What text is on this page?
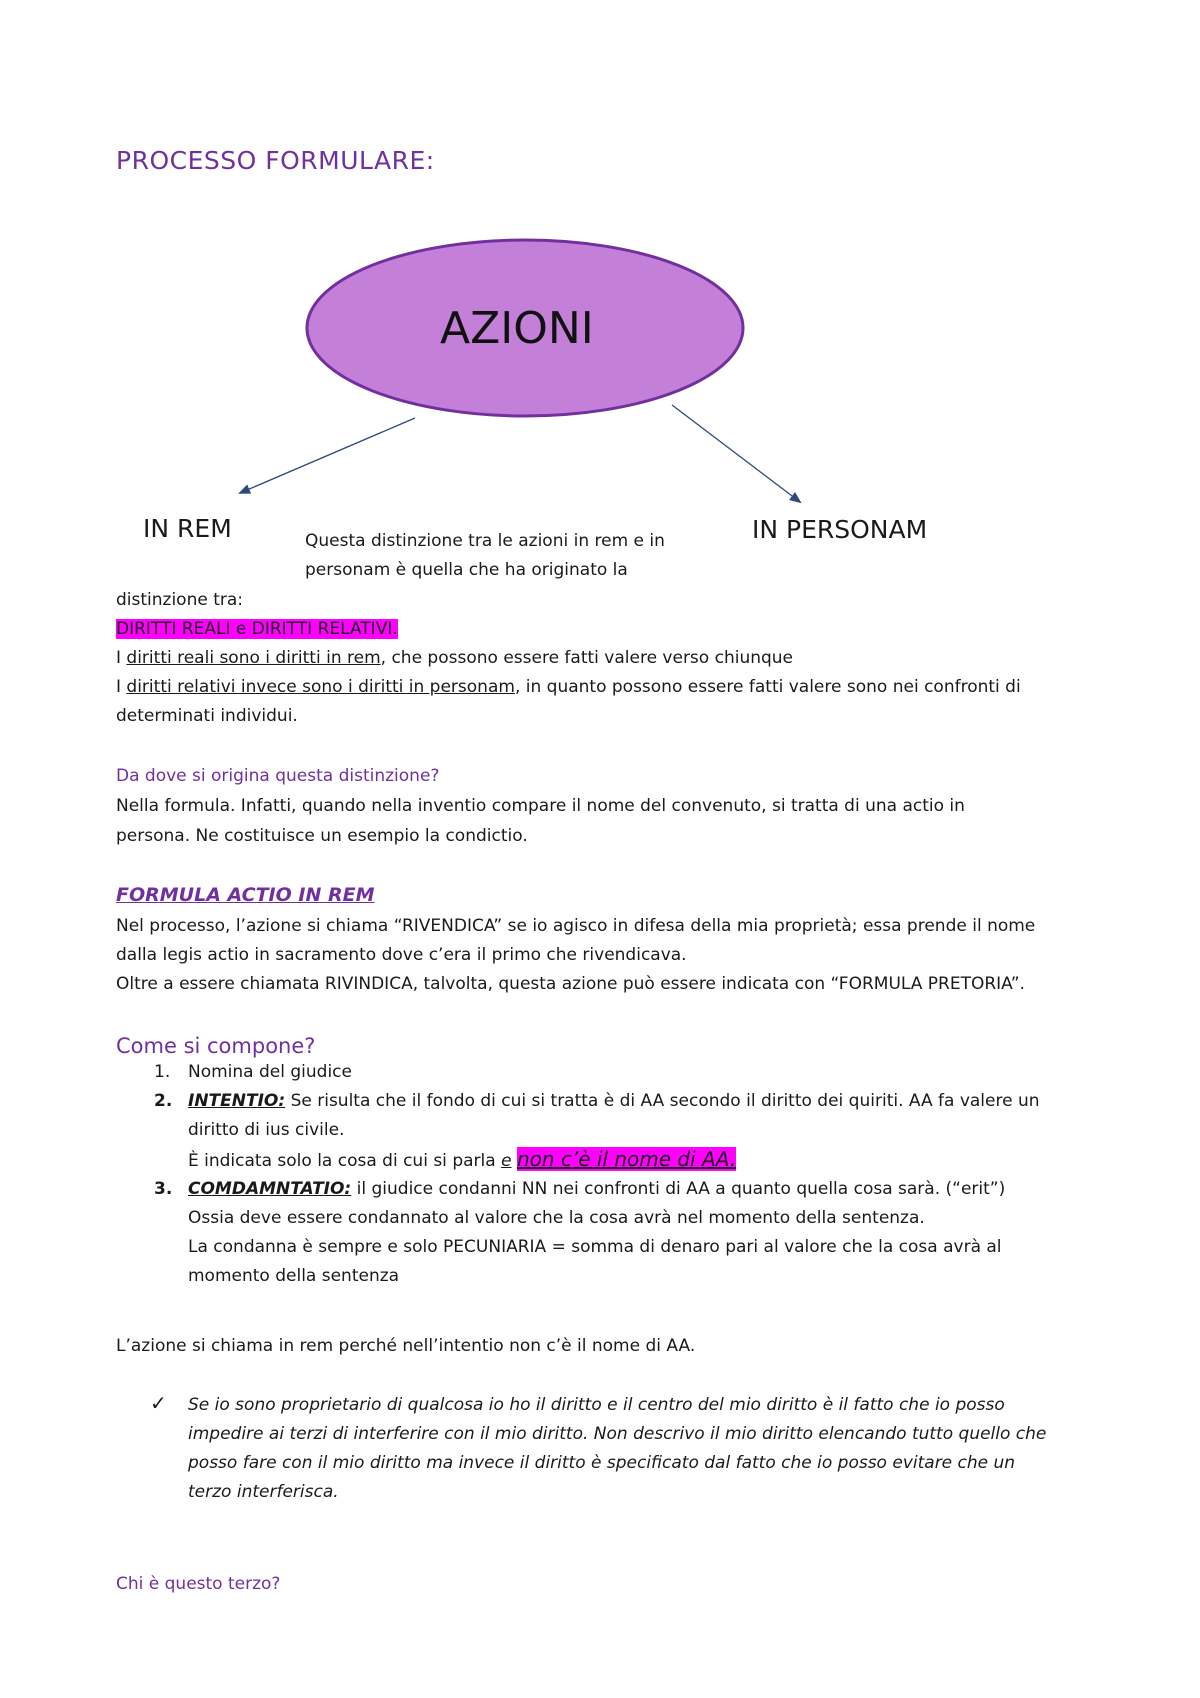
PROCESSO FORMULARE:
AZIONI
IN REM	IN PERSONAM
Questa distinzione tra le azioni in rem e in
personam è quella che ha originato la
distinzione tra:
DIRITTI REALI e DIRITTI RELATIVI.
I diritti reali sono i diritti in rem, che possono essere fatti valere verso chiunque
I diritti relativi invece sono i diritti in personam, in quanto possono essere fatti valere sono nei confronti di
determinati individui.
Da dove si origina questa distinzione?
Nella formula. Infatti, quando nella inventio compare il nome del convenuto, si tratta di una actio in
persona. Ne costituisce un esempio la condictio.
FORMULA ACTIO IN REM
Nel processo, l’azione si chiama “RIVENDICA” se io agisco in difesa della mia proprietà; essa prende il nome
dalla legis actio in sacramento dove c’era il primo che rivendicava.
Oltre a essere chiamata RIVINDICA, talvolta, questa azione può essere indicata con “FORMULA PRETORIA”.
Come si compone?
1. Nomina del giudice
2. INTENTIO: Se risulta che il fondo di cui si tratta è di AA secondo il diritto dei quiriti. AA fa valere un
diritto di ius civile.
È indicata solo la cosa di cui si parla e non c’è il nome di AA.
3. COMDAMNTATIO: il giudice condanni NN nei confronti di AA a quanto quella cosa sarà. (“erit”)
Ossia deve essere condannato al valore che la cosa avrà nel momento della sentenza.
La condanna è sempre e solo PECUNIARIA = somma di denaro pari al valore che la cosa avrà al
momento della sentenza
L’azione si chiama in rem perché nell’intentio non c’è il nome di AA.
✓ Se io sono proprietario di qualcosa io ho il diritto e il centro del mio diritto è il fatto che io posso
impedire ai terzi di interferire con il mio diritto. Non descrivo il mio diritto elencando tutto quello che
posso fare con il mio diritto ma invece il diritto è specificato dal fatto che io posso evitare che un
terzo interferisca.
Chi è questo terzo?
